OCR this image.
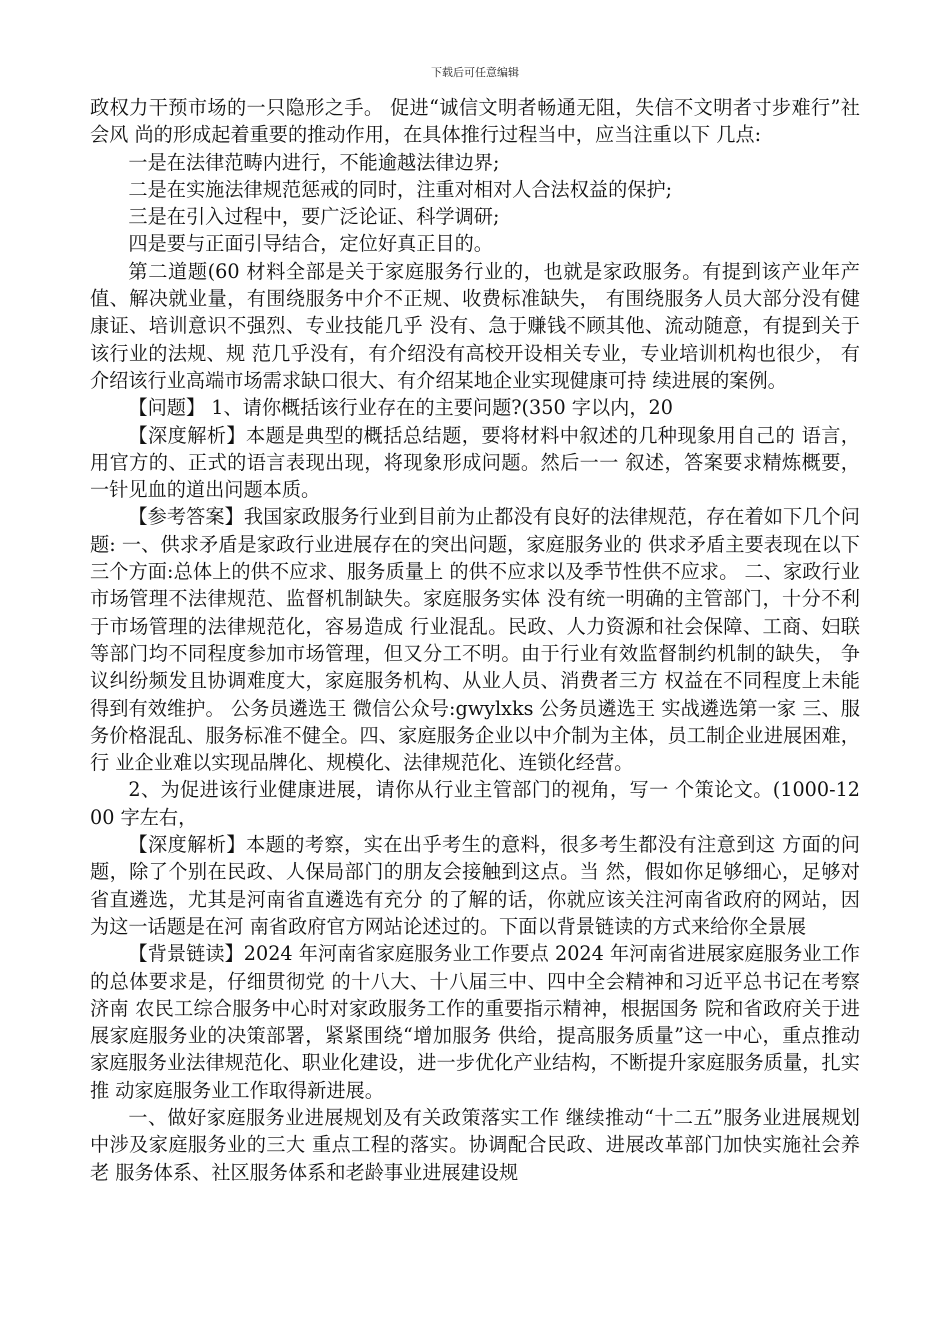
下载后可任意编辑

政权力干预市场的一只隐形之手。 促进“诚信文明者畅通无阻，失信不文明者寸步难行”社会风 尚的形成起着重要的推动作用，在具体推行过程当中，应当注重以下 几点:

一是在法律范畴内进行，不能逾越法律边界;

二是在实施法律规范惩戒的同时，注重对相对人合法权益的保护;

三是在引入过程中，要广泛论证、科学调研;

四是要与正面引导结合，定位好真正目的。

第二道题(60 材料全部是关于家庭服务行业的，也就是家政服务。有提到该产业年产值、解决就业量，有围绕服务中介不正规、收费标准缺失， 有围绕服务人员大部分没有健康证、培训意识不强烈、专业技能几乎 没有、急于赚钱不顾其他、流动随意，有提到关于该行业的法规、规 范几乎没有，有介绍没有高校开设相关专业，专业培训机构也很少， 有介绍该行业高端市场需求缺口很大、有介绍某地企业实现健康可持 续进展的案例。

【问题】 1、请你概括该行业存在的主要问题?(350 字以内，20

【深度解析】本题是典型的概括总结题，要将材料中叙述的几种现象用自己的 语言，用官方的、正式的语言表现出现，将现象形成问题。然后一一 叙述，答案要求精炼概要，一针见血的道出问题本质。

【参考答案】我国家政服务行业到目前为止都没有良好的法律规范，存在着如下几个问题: 一、供求矛盾是家政行业进展存在的突出问题，家庭服务业的 供求矛盾主要表现在以下三个方面:总体上的供不应求、服务质量上 的供不应求以及季节性供不应求。 二、家政行业市场管理不法律规范、监督机制缺失。家庭服务实体 没有统一明确的主管部门，十分不利于市场管理的法律规范化，容易造成 行业混乱。民政、人力资源和社会保障、工商、妇联等部门均不同程度参加市场管理，但又分工不明。由于行业有效监督制约机制的缺失， 争议纠纷频发且协调难度大，家庭服务机构、从业人员、消费者三方 权益在不同程度上未能得到有效维护。 公务员遴选王 微信公众号:gwylxks 公务员遴选王 实战遴选第一家 三、服务价格混乱、服务标准不健全。四、家庭服务企业以中介制为主体，员工制企业进展困难，行 业企业难以实现品牌化、规模化、法律规范化、连锁化经营。

2、为促进该行业健康进展，请你从行业主管部门的视角，写一 个策论文。(1000-1200 字左右，

【深度解析】本题的考察，实在出乎考生的意料，很多考生都没有注意到这 方面的问题，除了个别在民政、人保局部门的朋友会接触到这点。当 然，假如你足够细心，足够对省直遴选，尤其是河南省直遴选有充分 的了解的话，你就应该关注河南省政府的网站，因为这一话题是在河 南省政府官方网站论述过的。下面以背景链读的方式来给你全景展

【背景链读】2024 年河南省家庭服务业工作要点 2024 年河南省进展家庭服务业工作的总体要求是，仔细贯彻党 的十八大、十八届三中、四中全会精神和习近平总书记在考察济南 农民工综合服务中心时对家政服务工作的重要指示精神，根据国务 院和省政府关于进展家庭服务业的决策部署，紧紧围绕“增加服务 供给，提高服务质量”这一中心，重点推动家庭服务业法律规范化、职业化建设，进一步优化产业结构，不断提升家庭服务质量，扎实推 动家庭服务业工作取得新进展。

一、做好家庭服务业进展规划及有关政策落实工作 继续推动“十二五”服务业进展规划中涉及家庭服务业的三大 重点工程的落实。协调配合民政、进展改革部门加快实施社会养老 服务体系、社区服务体系和老龄事业进展建设规
